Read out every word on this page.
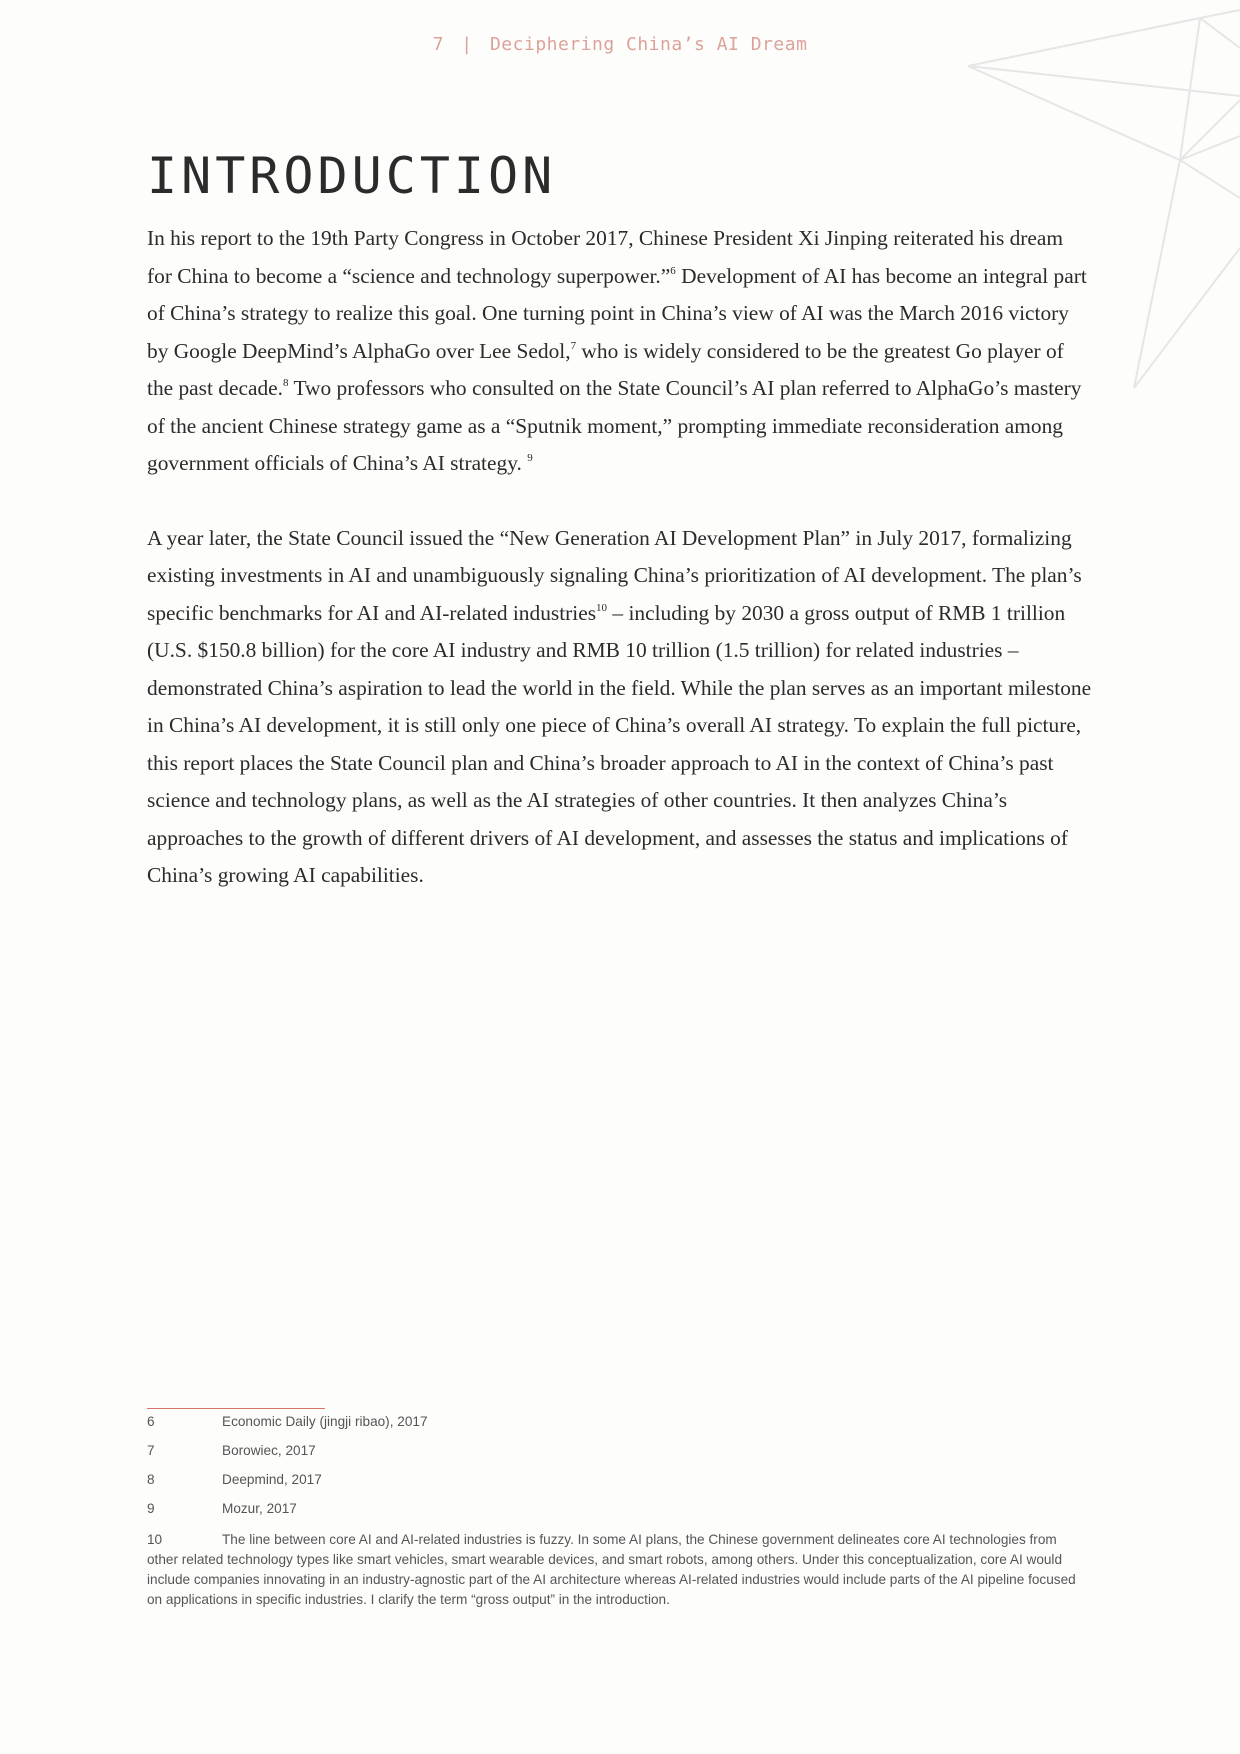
7 | Deciphering China’s AI Dream
INTRODUCTION

In his report to the 19th Party Congress in October 2017, Chinese President Xi Jinping reiterated his dream for China to become a “science and technology superpower.”$^6$ Development of AI has become an integral part of China’s strategy to realize this goal. One turning point in China’s view of AI was the March 2016 victory by Google DeepMind’s AlphaGo over Lee Sedol,$^7$ who is widely considered to be the greatest Go player of the past decade.$^8$ Two professors who consulted on the State Council’s AI plan referred to AlphaGo’s mastery of the ancient Chinese strategy game as a “Sputnik moment,” prompting immediate reconsideration among government officials of China’s AI strategy. $^9$

A year later, the State Council issued the “New Generation AI Development Plan” in July 2017, formalizing existing investments in AI and unambiguously signaling China’s prioritization of AI development. The plan’s specific benchmarks for AI and AI-related industries$^{10}$ – including by 2030 a gross output of RMB 1 trillion (U.S. $150.8 billion) for the core AI industry and RMB 10 trillion (1.5 trillion) for related industries – demonstrated China’s aspiration to lead the world in the field. While the plan serves as an important milestone in China’s AI development, it is still only one piece of China’s overall AI strategy. To explain the full picture, this report places the State Council plan and China’s broader approach to AI in the context of China’s past science and technology plans, as well as the AI strategies of other countries. It then analyzes China’s approaches to the growth of different drivers of AI development, and assesses the status and implications of China’s growing AI capabilities.

6	Economic Daily (jingji ribao), 2017
7	Borowiec, 2017
8	Deepmind, 2017
9	Mozur, 2017
10	The line between core AI and AI-related industries is fuzzy. In some AI plans, the Chinese government delineates core AI technologies from other related technology types like smart vehicles, smart wearable devices, and smart robots, among others. Under this conceptualization, core AI would include companies innovating in an industry-agnostic part of the AI architecture whereas AI-related industries would include parts of the AI pipeline focused on applications in specific industries. I clarify the term “gross output” in the introduction.
